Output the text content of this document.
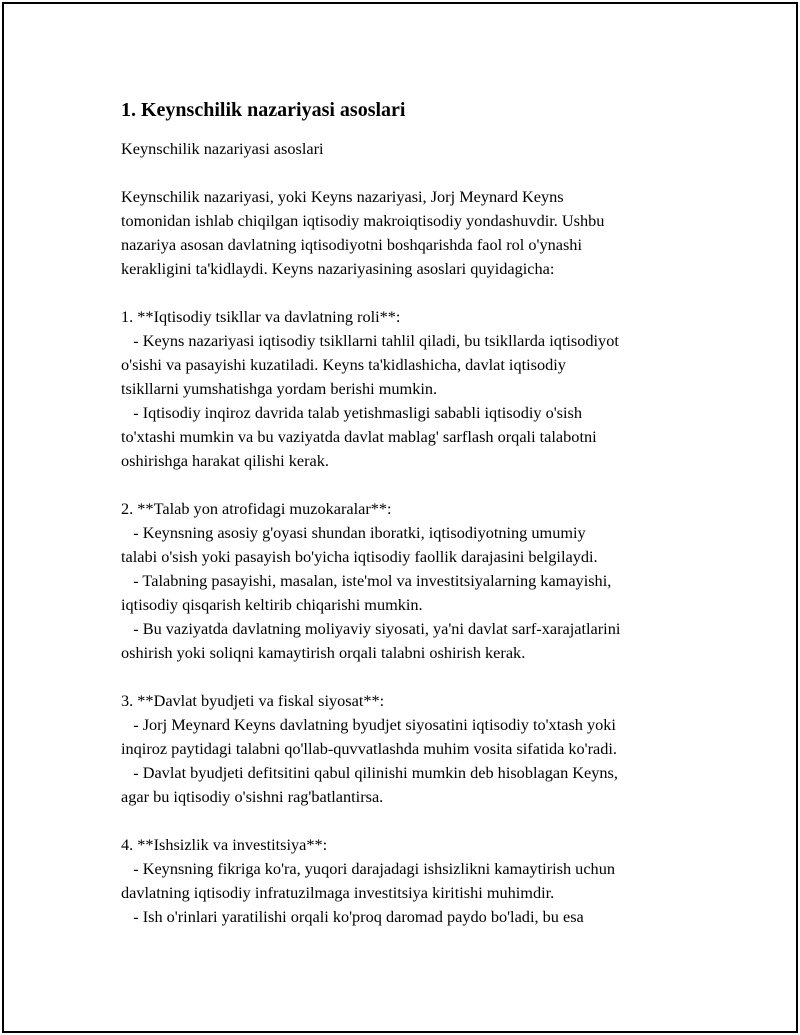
1. Keynschilik nazariyasi asoslari
Keynschilik nazariyasi asoslari
Keynschilik nazariyasi, yoki Keyns nazariyasi, Jorj Meynard Keyns
tomonidan ishlab chiqilgan iqtisodiy makroiqtisodiy yondashuvdir. Ushbu
nazariya asosan davlatning iqtisodiyotni boshqarishda faol rol o'ynashi
kerakligini ta'kidlaydi. Keyns nazariyasining asoslari quyidagicha:
1. **Iqtisodiy tsikllar va davlatning roli**:
- Keyns nazariyasi iqtisodiy tsikllarni tahlil qiladi, bu tsikllarda iqtisodiyot
o'sishi va pasayishi kuzatiladi. Keyns ta'kidlashicha, davlat iqtisodiy
tsikllarni yumshatishga yordam berishi mumkin.
- Iqtisodiy inqiroz davrida talab yetishmasligi sababli iqtisodiy o'sish
to'xtashi mumkin va bu vaziyatda davlat mablag' sarflash orqali talabotni
oshirishga harakat qilishi kerak.
2. **Talab yon atrofidagi muzokaralar**:
- Keynsning asosiy g'oyasi shundan iboratki, iqtisodiyotning umumiy
talabi o'sish yoki pasayish bo'yicha iqtisodiy faollik darajasini belgilaydi.
- Talabning pasayishi, masalan, iste'mol va investitsiyalarning kamayishi,
iqtisodiy qisqarish keltirib chiqarishi mumkin.
- Bu vaziyatda davlatning moliyaviy siyosati, ya'ni davlat sarf-xarajatlarini
oshirish yoki soliqni kamaytirish orqali talabni oshirish kerak.
3. **Davlat byudjeti va fiskal siyosat**:
- Jorj Meynard Keyns davlatning byudjet siyosatini iqtisodiy to'xtash yoki
inqiroz paytidagi talabni qo'llab-quvvatlashda muhim vosita sifatida ko'radi.
- Davlat byudjeti defitsitini qabul qilinishi mumkin deb hisoblagan Keyns,
agar bu iqtisodiy o'sishni rag'batlantirsa.
4. **Ishsizlik va investitsiya**:
- Keynsning fikriga ko'ra, yuqori darajadagi ishsizlikni kamaytirish uchun
davlatning iqtisodiy infratuzilmaga investitsiya kiritishi muhimdir.
- Ish o'rinlari yaratilishi orqali ko'proq daromad paydo bo'ladi, bu esa
